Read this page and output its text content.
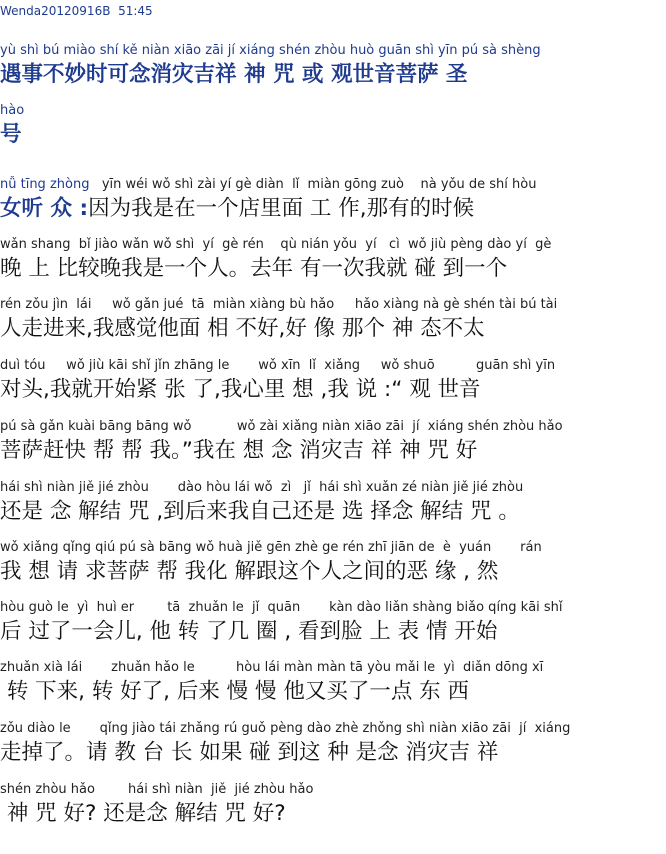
Wenda20120916B 51:45
yù shì bú miào shí kě niàn xiāo zāi jí xiáng shén zhòu huò guān shì yīn pú sà shèng
遇事不妙时可念消灾吉祥 神 咒 或 观世音菩萨 圣
hào
号
nǚ tīng zhòng   yīn wéi wǒ shì zài yí gè diàn  lǐ  miàn gōng zuò    nà yǒu de shí hòu
女听 众 :因为我是在一个店里面 工 作,那有的时候
wǎn shang  bǐ jiào wǎn wǒ shì  yí  gè rén    qù nián yǒu  yí   cì  wǒ jiù pèng dào yí  gè
晚 上 比较晚我是一个人。去年 有一次我就 碰 到一个
rén zǒu jìn  lái     wǒ gǎn jué  tā  miàn xiàng bù hǎo     hǎo xiàng nà gè shén tài bú tài
人走进来,我感觉他面 相 不好,好 像 那个 神 态不太
duì tóu     wǒ jiù kāi shǐ jǐn zhāng le       wǒ xīn  lǐ  xiǎng     wǒ shuō          guān shì yīn
对头,我就开始紧 张 了,我心里 想 ,我 说 :“ 观 世音
pú sà gǎn kuài bāng bāng wǒ           wǒ zài xiǎng niàn xiāo zāi  jí  xiáng shén zhòu hǎo
菩萨赶快 帮 帮 我。”我在 想 念 消灾吉 祥 神 咒 好
hái shì niàn jiě jié zhòu       dào hòu lái wǒ  zì   jǐ  hái shì xuǎn zé niàn jiě jié zhòu
还是 念 解结 咒 ,到后来我自己还是 选 择念 解结 咒 。
wǒ xiǎng qǐng qiú pú sà bāng wǒ huà jiě gēn zhè ge rén zhī jiān de  è  yuán       rán
我 想 请 求菩萨 帮 我化 解跟这个人之间的恶 缘 , 然
hòu guò le  yì  huì er        tā  zhuǎn le  jǐ  quān       kàn dào liǎn shàng biǎo qíng kāi shǐ
后 过了一会儿, 他 转 了几 圈 , 看到脸 上 表 情 开始
zhuǎn xià lái       zhuǎn hǎo le          hòu lái màn màn tā yòu mǎi le  yì  diǎn dōng xī
转 下来, 转 好了, 后来 慢 慢 他又买了一点 东 西
zǒu diào le       qǐng jiào tái zhǎng rú guǒ pèng dào zhè zhǒng shì niàn xiāo zāi  jí  xiáng
走掉了。请 教 台 长 如果 碰 到这 种 是念 消灾吉 祥
shén zhòu hǎo        hái shì niàn  jiě  jié zhòu hǎo
神 咒 好? 还是念 解结 咒 好?
